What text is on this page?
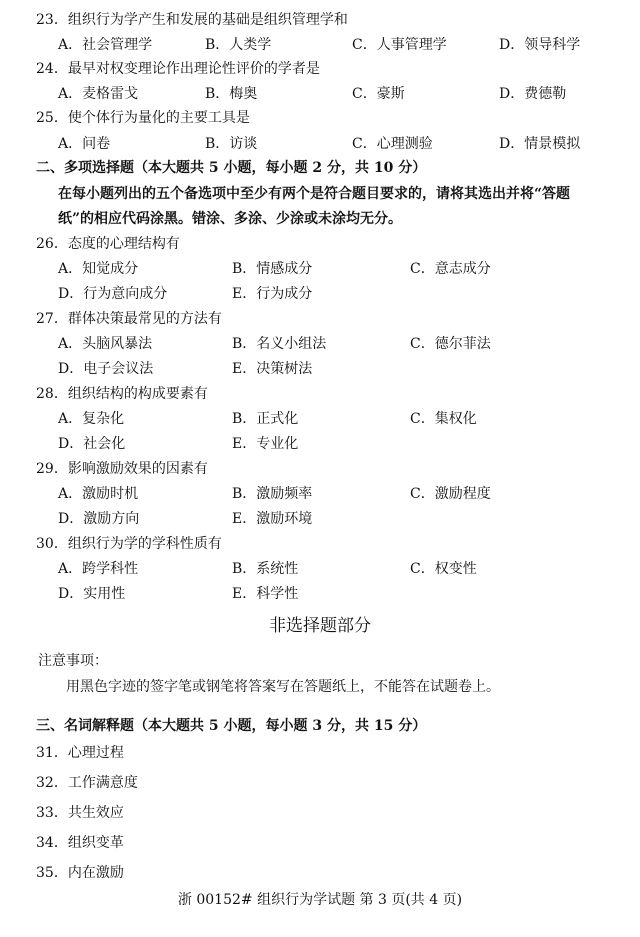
23．组织行为学产生和发展的基础是组织管理学和
A．社会管理学	B．人类学	C．人事管理学	D．领导科学
24．最早对权变理论作出理论性评价的学者是
A．麦格雷戈	B．梅奥	C．豪斯	D．费德勒
25．使个体行为量化的主要工具是
A．问卷	B．访谈	C．心理测验	D．情景模拟
二、多项选择题（本大题共 5 小题，每小题 2 分，共 10 分）
在每小题列出的五个备选项中至少有两个是符合题目要求的，请将其选出并将“答题
纸”的相应代码涂黑。错涂、多涂、少涂或未涂均无分。
26．态度的心理结构有
A．知觉成分	B．情感成分	C．意志成分
D．行为意向成分	E．行为成分
27．群体决策最常见的方法有
A．头脑风暴法	B．名义小组法	C．德尔菲法
D．电子会议法	E．决策树法
28．组织结构的构成要素有
A．复杂化	B．正式化	C．集权化
D．社会化	E．专业化
29．影响激励效果的因素有
A．激励时机	B．激励频率	C．激励程度
D．激励方向	E．激励环境
30．组织行为学的学科性质有
A．跨学科性	B．系统性	C．权变性
D．实用性	E．科学性
非选择题部分
注意事项：
用黑色字迹的签字笔或钢笔将答案写在答题纸上，不能答在试题卷上。
三、名词解释题（本大题共 5 小题，每小题 3 分，共 15 分）
31．心理过程
32．工作满意度
33．共生效应
34．组织变革
35．内在激励
浙 00152# 组织行为学试题 第 3 页(共 4 页)
